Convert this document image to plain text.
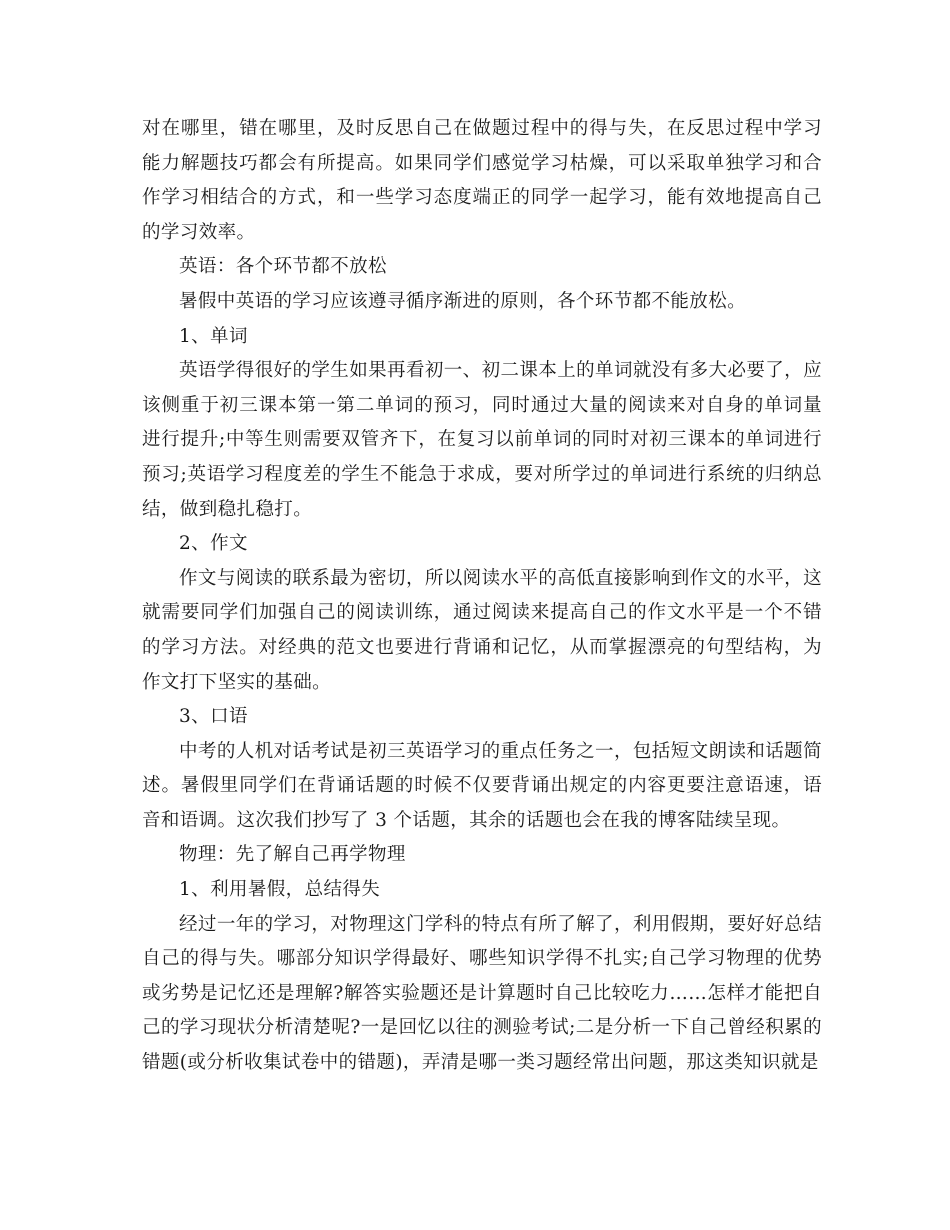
对在哪里，错在哪里，及时反思自己在做题过程中的得与失，在反思过程中学习能力解题技巧都会有所提高。如果同学们感觉学习枯燥，可以采取单独学习和合作学习相结合的方式，和一些学习态度端正的同学一起学习，能有效地提高自己的学习效率。

英语：各个环节都不放松

暑假中英语的学习应该遵寻循序渐进的原则，各个环节都不能放松。

1、单词

英语学得很好的学生如果再看初一、初二课本上的单词就没有多大必要了，应该侧重于初三课本第一第二单词的预习，同时通过大量的阅读来对自身的单词量进行提升;中等生则需要双管齐下，在复习以前单词的同时对初三课本的单词进行预习;英语学习程度差的学生不能急于求成，要对所学过的单词进行系统的归纳总结，做到稳扎稳打。

2、作文

作文与阅读的联系最为密切，所以阅读水平的高低直接影响到作文的水平，这就需要同学们加强自己的阅读训练，通过阅读来提高自己的作文水平是一个不错的学习方法。对经典的范文也要进行背诵和记忆，从而掌握漂亮的句型结构，为作文打下坚实的基础。

3、口语

中考的人机对话考试是初三英语学习的重点任务之一，包括短文朗读和话题简述。暑假里同学们在背诵话题的时候不仅要背诵出规定的内容更要注意语速，语音和语调。这次我们抄写了 3 个话题，其余的话题也会在我的博客陆续呈现。

物理：先了解自己再学物理

1、利用暑假，总结得失

经过一年的学习，对物理这门学科的特点有所了解了，利用假期，要好好总结自己的得与失。哪部分知识学得最好、哪些知识学得不扎实;自己学习物理的优势或劣势是记忆还是理解?解答实验题还是计算题时自己比较吃力……怎样才能把自己的学习现状分析清楚呢?一是回忆以往的测验考试;二是分析一下自己曾经积累的错题(或分析收集试卷中的错题)，弄清是哪一类习题经常出问题，那这类知识就是
